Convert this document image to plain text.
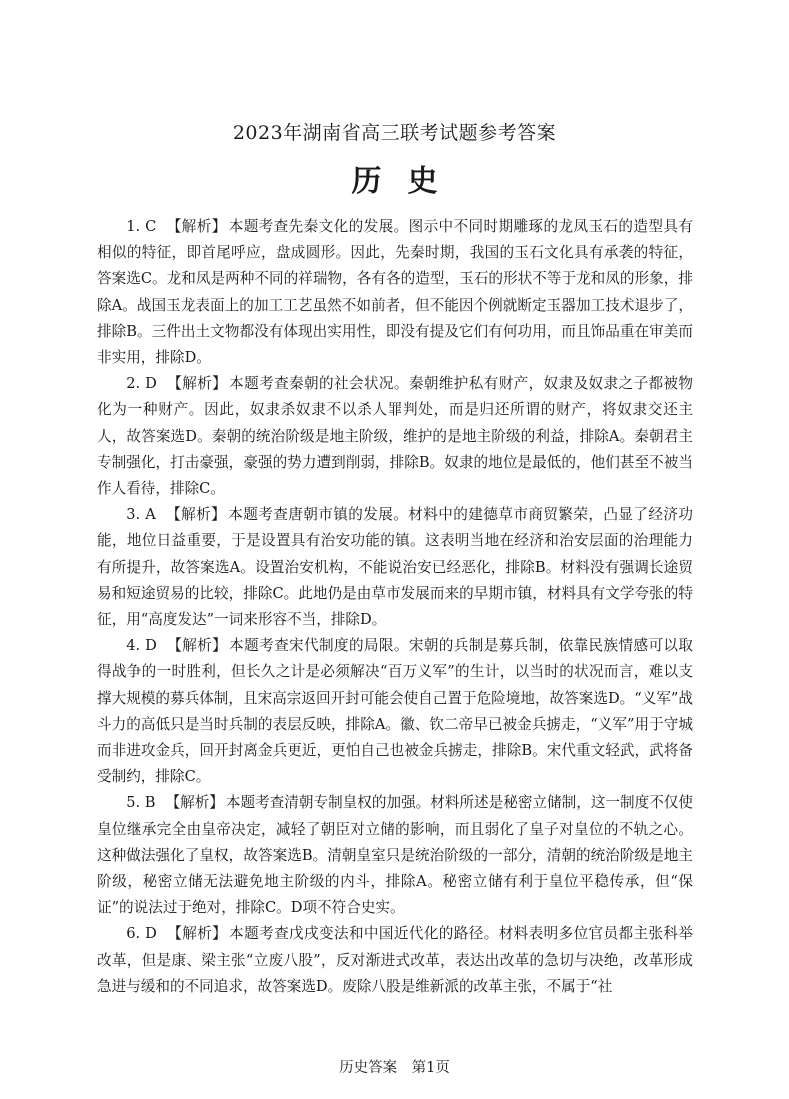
2023年湖南省高三联考试题参考答案
历史

1. C 【解析】 本题考查先秦文化的发展。图示中不同时期雕琢的龙凤玉石的造型具有相似的特征，即首尾呼应，盘成圆形。因此，先秦时期，我国的玉石文化具有承袭的特征，答案选C。龙和凤是两种不同的祥瑞物，各有各的造型，玉石的形状不等于龙和凤的形象，排除A。战国玉龙表面上的加工工艺虽然不如前者，但不能因个例就断定玉器加工技术退步了，排除B。三件出土文物都没有体现出实用性，即没有提及它们有何功用，而且饰品重在审美而非实用，排除D。

2. D 【解析】 本题考查秦朝的社会状况。秦朝维护私有财产，奴隶及奴隶之子都被物化为一种财产。因此，奴隶杀奴隶不以杀人罪判处，而是归还所谓的财产，将奴隶交还主人，故答案选D。秦朝的统治阶级是地主阶级，维护的是地主阶级的利益，排除A。秦朝君主专制强化，打击豪强，豪强的势力遭到削弱，排除B。奴隶的地位是最低的，他们甚至不被当作人看待，排除C。

3. A 【解析】 本题考查唐朝市镇的发展。材料中的建德草市商贸繁荣，凸显了经济功能，地位日益重要，于是设置具有治安功能的镇。这表明当地在经济和治安层面的治理能力有所提升，故答案选A。设置治安机构，不能说治安已经恶化，排除B。材料没有强调长途贸易和短途贸易的比较，排除C。此地仍是由草市发展而来的早期市镇，材料具有文学夸张的特征，用“高度发达”一词来形容不当，排除D。

4. D 【解析】 本题考查宋代制度的局限。宋朝的兵制是募兵制，依靠民族情感可以取得战争的一时胜利，但长久之计是必须解决“百万义军”的生计，以当时的状况而言，难以支撑大规模的募兵体制，且宋高宗返回开封可能会使自己置于危险境地，故答案选D。“义军”战斗力的高低只是当时兵制的表层反映，排除A。徽、钦二帝早已被金兵掳走，“义军”用于守城而非进攻金兵，回开封离金兵更近，更怕自己也被金兵掳走，排除B。宋代重文轻武，武将备受制约，排除C。

5. B 【解析】 本题考查清朝专制皇权的加强。材料所述是秘密立储制，这一制度不仅使皇位继承完全由皇帝决定，减轻了朝臣对立储的影响，而且弱化了皇子对皇位的不轨之心。这种做法强化了皇权，故答案选B。清朝皇室只是统治阶级的一部分，清朝的统治阶级是地主阶级，秘密立储无法避免地主阶级的内斗，排除A。秘密立储有利于皇位平稳传承，但“保证”的说法过于绝对，排除C。D项不符合史实。

6. D 【解析】 本题考查戊戌变法和中国近代化的路径。材料表明多位官员都主张科举改革，但是康、梁主张“立废八股”，反对渐进式改革，表达出改革的急切与决绝，改革形成急进与缓和的不同追求，故答案选D。废除八股是维新派的改革主张，不属于“社

历史答案　第1页
